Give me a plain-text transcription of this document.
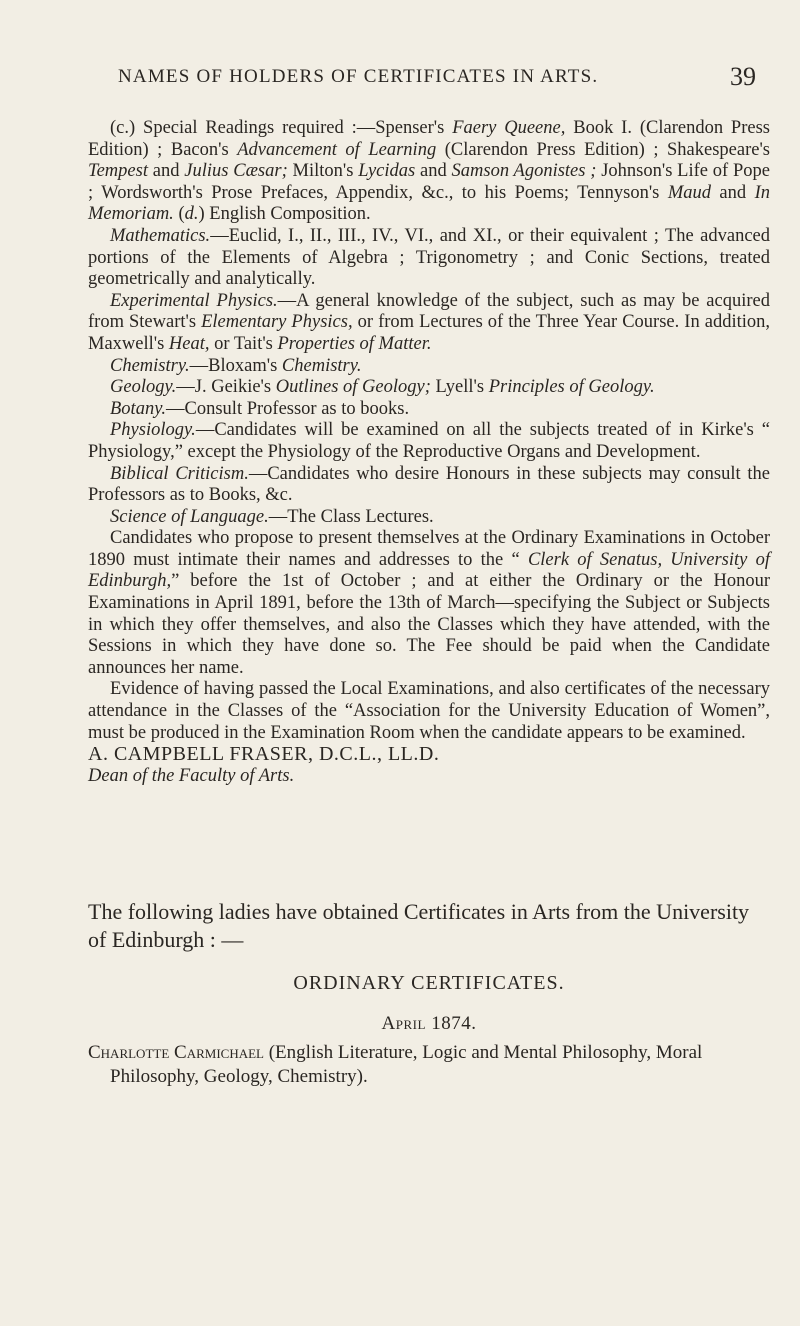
NAMES OF HOLDERS OF CERTIFICATES IN ARTS.	39

(c.) Special Readings required :—Spenser's Faery Queene, Book I. (Clarendon Press Edition) ; Bacon's Advancement of Learning (Clarendon Press Edition) ; Shakespeare's Tempest and Julius Cæsar; Milton's Lycidas and Samson Agonistes ; Johnson's Life of Pope ; Wordsworth's Prose Prefaces, Appendix, &c., to his Poems; Tennyson's Maud and In Memoriam. (d.) English Composition.

Mathematics.—Euclid, I., II., III., IV., VI., and XI., or their equivalent ; The advanced portions of the Elements of Algebra ; Trigonometry ; and Conic Sections, treated geometrically and analytically.

Experimental Physics.—A general knowledge of the subject, such as may be acquired from Stewart's Elementary Physics, or from Lectures of the Three Year Course. In addition, Maxwell's Heat, or Tait's Properties of Matter.

Chemistry.—Bloxam's Chemistry.

Geology.—J. Geikie's Outlines of Geology; Lyell's Principles of Geology.

Botany.—Consult Professor as to books.

Physiology.—Candidates will be examined on all the subjects treated of in Kirke's “ Physiology,” except the Physiology of the Reproductive Organs and Development.

Biblical Criticism.—Candidates who desire Honours in these subjects may consult the Professors as to Books, &c.

Science of Language.—The Class Lectures.

Candidates who propose to present themselves at the Ordinary Examinations in October 1890 must intimate their names and addresses to the “ Clerk of Senatus, University of Edinburgh,” before the 1st of October ; and at either the Ordinary or the Honour Examinations in April 1891, before the 13th of March—specifying the Subject or Subjects in which they offer themselves, and also the Classes which they have attended, with the Sessions in which they have done so. The Fee should be paid when the Candidate announces her name.

Evidence of having passed the Local Examinations, and also certificates of the necessary attendance in the Classes of the “Association for the University Education of Women”, must be produced in the Examination Room when the candidate appears to be examined.

A. CAMPBELL FRASER, D.C.L., LL.D.

Dean of the Faculty of Arts.

The following ladies have obtained Certificates in Arts from the University of Edinburgh : —

ORDINARY CERTIFICATES.

April 1874.

Charlotte Carmichael (English Literature, Logic and Mental Philosophy, Moral Philosophy, Geology, Chemistry).
